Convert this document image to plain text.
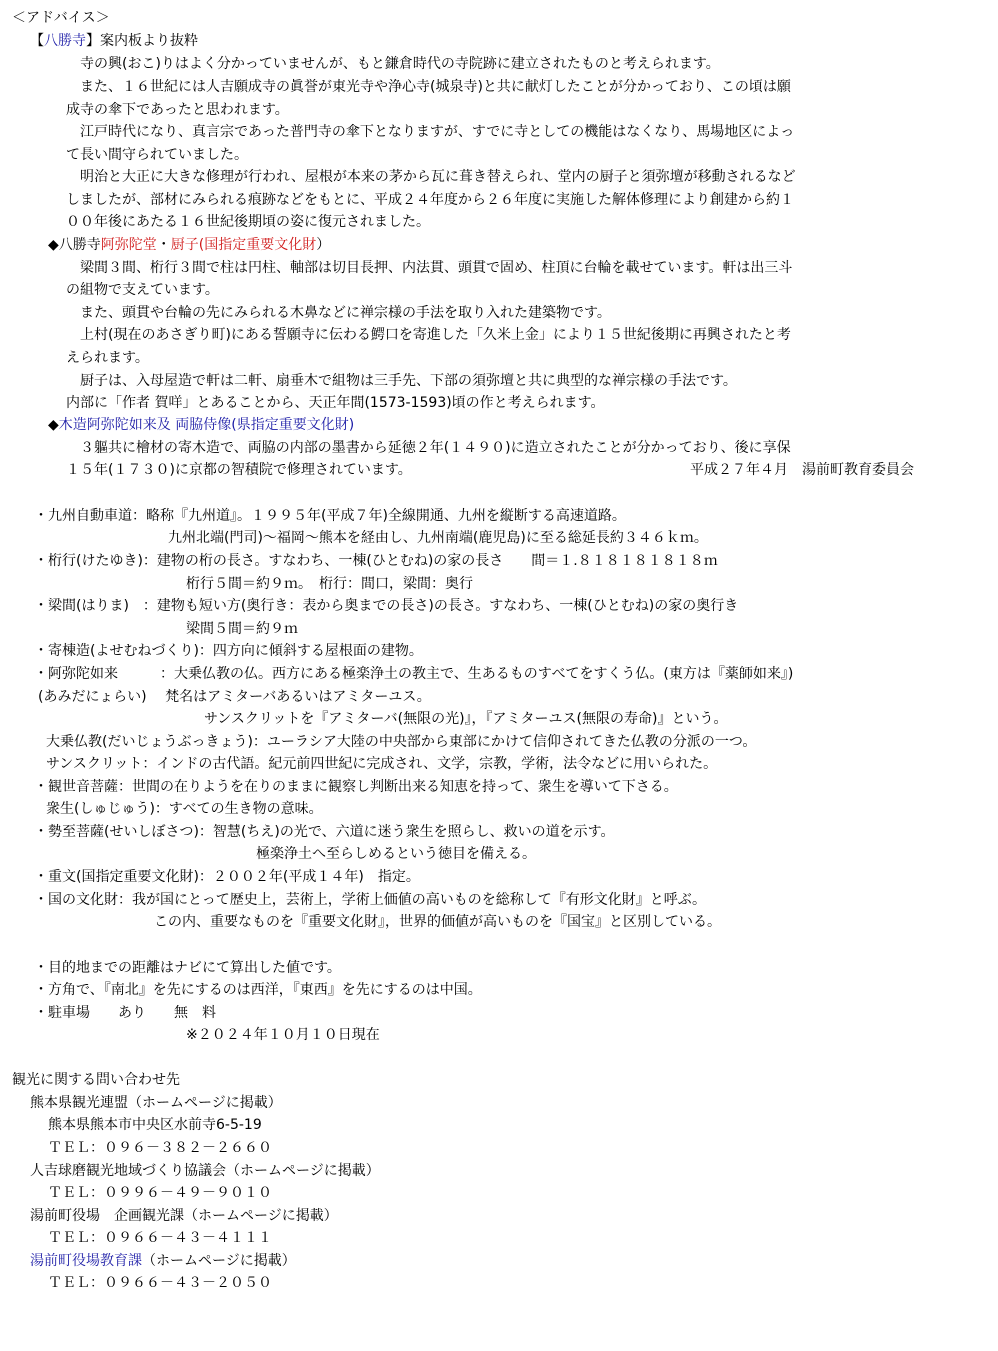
＜アドバイス＞
【八勝寺】案内板より抜粋
寺の興(おこ)りはよく分かっていませんが、もと鎌倉時代の寺院跡に建立されたものと考えられます。
また、１６世紀には人吉願成寺の眞誉が東光寺や浄心寺(城泉寺)と共に献灯したことが分かっており、この頃は願
成寺の傘下であったと思われます。
江戸時代になり、真言宗であった普門寺の傘下となりますが、すでに寺としての機能はなくなり、馬場地区によっ
て長い間守られていました。
明治と大正に大きな修理が行われ、屋根が本来の茅から瓦に葺き替えられ、堂内の厨子と須弥壇が移動されるなど
しましたが、部材にみられる痕跡などをもとに、平成２４年度から２６年度に実施した解体修理により創建から約１
００年後にあたる１６世紀後期頃の姿に復元されました。
◆八勝寺阿弥陀堂・厨子(国指定重要文化財）
梁間３間、桁行３間で柱は円柱、軸部は切目長押、内法貫、頭貫で固め、柱頂に台輪を載せています。軒は出三斗
の組物で支えています。
また、頭貫や台輪の先にみられる木鼻などに禅宗様の手法を取り入れた建築物です。
上村(現在のあさぎり町)にある誓願寺に伝わる鰐口を寄進した「久米上金」により１５世紀後期に再興されたと考
えられます。
厨子は、入母屋造で軒は二軒、扇垂木で組物は三手先、下部の須弥壇と共に典型的な禅宗様の手法です。
内部に「作者 賀咩」とあることから、天正年間(1573-1593)頃の作と考えられます。
◆木造阿弥陀如来及 両脇侍像(県指定重要文化財)
３軀共に檜材の寄木造で、両脇の内部の墨書から延徳２年(１４９０)に造立されたことが分かっており、後に享保
１５年(１７３０)に京都の智積院で修理されています。	平成２７年４月　湯前町教育委員会
・九州自動車道：略称『九州道』。１９９５年(平成７年)全線開通、九州を縦断する高速道路。
九州北端(門司)～福岡～熊本を経由し、九州南端(鹿児島)に至る総延長約３４６ｋｍ。
・桁行(けたゆき)：建物の桁の長さ。すなわち、一棟(ひとむね)の家の長さ　　間＝１.８１８１８１８１８ｍ
桁行５間＝約９ｍ。　桁行：間口，梁間：奥行
・梁間(はりま)　：建物も短い方(奥行き：表から奥までの長さ)の長さ。すなわち、一棟(ひとむね)の家の奥行き
梁間５間＝約９ｍ
・寄棟造(よせむねづくり)：四方向に傾斜する屋根面の建物。
・阿弥陀如来　　　：大乗仏教の仏。西方にある極楽浄土の教主で、生あるものすべてをすくう仏。(東方は『薬師如来』)
(あみだにょらい)　 梵名はアミターバあるいはアミターユス。
サンスクリットを『アミターバ(無限の光)』，『アミターユス(無限の寿命)』という。
大乗仏教(だいじょうぶっきょう)：ユーラシア大陸の中央部から東部にかけて信仰されてきた仏教の分派の一つ。
サンスクリット：インドの古代語。紀元前四世紀に完成され、文学，宗教，学術，法令などに用いられた。
・観世音菩薩：世間の在りようを在りのままに観察し判断出来る知恵を持って、衆生を導いて下さる。
衆生(しゅじゅう)：すべての生き物の意味。
・勢至菩薩(せいしぼさつ)：智慧(ちえ)の光で、六道に迷う衆生を照らし、救いの道を示す。
極楽浄土へ至らしめるという徳目を備える。
・重文(国指定重要文化財)：２００２年(平成１４年)　指定。
・国の文化財：我が国にとって歴史上，芸術上，学術上価値の高いものを総称して『有形文化財』と呼ぶ。
この内、重要なものを『重要文化財』，世界的価値が高いものを『国宝』と区別している。
・目的地までの距離はナビにて算出した値です。
・方角で、『南北』を先にするのは西洋，『東西』を先にするのは中国。
・駐車場　　あり　　無　料
※２０２４年１０月１０日現在
観光に関する問い合わせ先
熊本県観光連盟（ホームページに掲載）
熊本県熊本市中央区水前寺6-5-19
ＴＥＬ：０９６－３８２－２６６０
人吉球磨観光地域づくり協議会（ホームページに掲載）
ＴＥＬ：０９９６－４９－９０１０
湯前町役場　企画観光課（ホームページに掲載）
ＴＥＬ：０９６６－４３－４１１１
湯前町役場教育課（ホームページに掲載）
ＴＥＬ：０９６６－４３－２０５０
